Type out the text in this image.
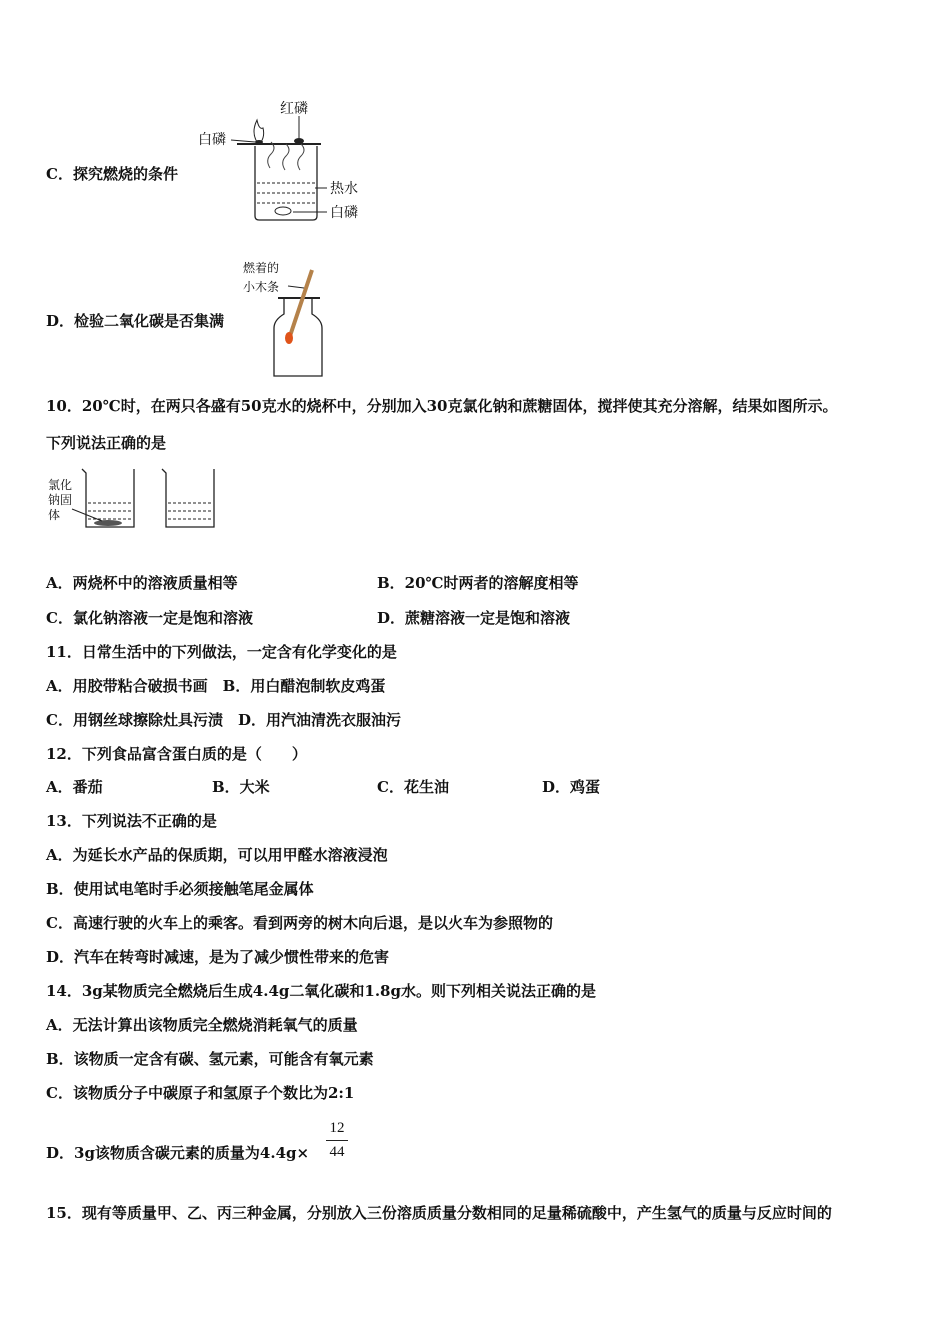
C．探究燃烧的条件
红磷
白磷
热水
白磷
D．检验二氧化碳是否集满
燃着的
小木条
10．20℃时，在两只各盛有50克水的烧杯中，分别加入30克氯化钠和蔗糖固体，搅拌使其充分溶解，结果如图所示。
下列说法正确的是
氯化
钠固
体
A．两烧杯中的溶液质量相等	B．20℃时两者的溶解度相等
C．氯化钠溶液一定是饱和溶液	D．蔗糖溶液一定是饱和溶液
11．日常生活中的下列做法，一定含有化学变化的是
A．用胶带粘合破损书画　B．用白醋泡制软皮鸡蛋
C．用钢丝球擦除灶具污渍　D．用汽油清洗衣服油污
12．下列食品富含蛋白质的是（　　）
A．番茄	B．大米	C．花生油	D．鸡蛋
13．下列说法不正确的是
A．为延长水产品的保质期，可以用甲醛水溶液浸泡
B．使用试电笔时手必须接触笔尾金属体
C．高速行驶的火车上的乘客。看到两旁的树木向后退，是以火车为参照物的
D．汽车在转弯时减速，是为了减少惯性带来的危害
14．3g某物质完全燃烧后生成4.4g二氧化碳和1.8g水。则下列相关说法正确的是
A．无法计算出该物质完全燃烧消耗氧气的质量
B．该物质一定含有碳、氢元素，可能含有氧元素
C．该物质分子中碳原子和氢原子个数比为2:1
D．3g该物质含碳元素的质量为4.4g×
12
44
15．现有等质量甲、乙、丙三种金属，分别放入三份溶质质量分数相同的足量稀硫酸中，产生氢气的质量与反应时间的
